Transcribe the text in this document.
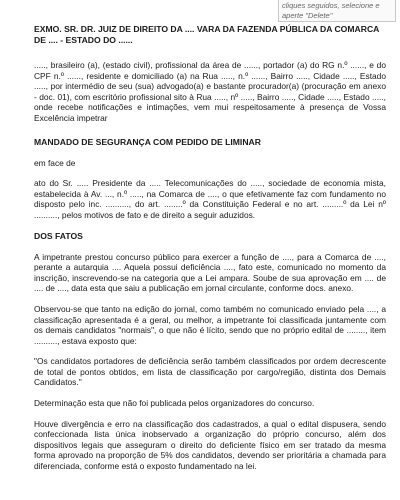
cliques seguidos, selecione e
aperte "Delete"
EXMO. SR. DR. JUIZ DE DIREITO DA .... VARA DA FAZENDA PÚBLICA DA COMARCA DE .... - ESTADO DO ......

....., brasileiro (a), (estado civil), profissional da área de ......, portador (a) do RG n.º ......, e do CPF n.º ......, residente e domiciliado (a) na Rua ....., n.º ......, Bairro ....., Cidade ....., Estado ....., por intermédio de seu (sua) advogado(a) e bastante procurador(a) (procuração em anexo - doc. 01), com escritório profissional sito à Rua ....., nº ....., Bairro ....., Cidade ....., Estado ....., onde recebe notificações e intimações, vem mui respeitosamente à presença de Vossa Excelência impetrar

MANDADO DE SEGURANÇA COM PEDIDO DE LIMINAR

em face de

ato do Sr. ..... Presidente da ..... Telecomunicações do ....., sociedade de economia mista, estabelecida à Av. ..., n.º ....., na Comarca de ...., o que efetivamente faz com fundamento no disposto pelo inc. .........., do art. ........º da Constituição Federal e no art. .........º da Lei nº .........., pelos motivos de fato e de direito a seguir aduzidos.

DOS FATOS

A impetrante prestou concurso público para exercer a função de ...., para a Comarca de ...., perante a autarquia .... Aquela possui deficiência ...., fato este, comunicado no momento da inscrição, inscrevendo-se na categoria que a Lei ampara. Soube de sua aprovação em .... de .... de ...., data esta que saiu a publicação em jornal circulante, conforme docs. anexo.

Observou-se que tanto na edição do jornal, como também no comunicado enviado pela ...., a classificação apresentada é a geral, ou melhor, a impetrante foi classificada juntamente com os demais candidatos "normais", o que não é lícito, sendo que no próprio edital de ........, item .........., estava exposto que:

"Os candidatos portadores de deficiência serão também classificados por ordem decrescente de total de pontos obtidos, em lista de classificação por cargo/região, distinta dos Demais Candidatos."

Determinação esta que não foi publicada pelos organizadores do concurso.

Houve divergência e erro na classificação dos cadastrados, a qual o edital dispusera, sendo confeccionada lista única inobservado a organização do próprio concurso, além dos dispositivos legais que asseguram o direito do deficiente físico em ser tratado da mesma forma aprovado na proporção de 5% dos candidatos, devendo ser prioritária a chamada para diferenciada, conforme está o exposto fundamentado na lei.
